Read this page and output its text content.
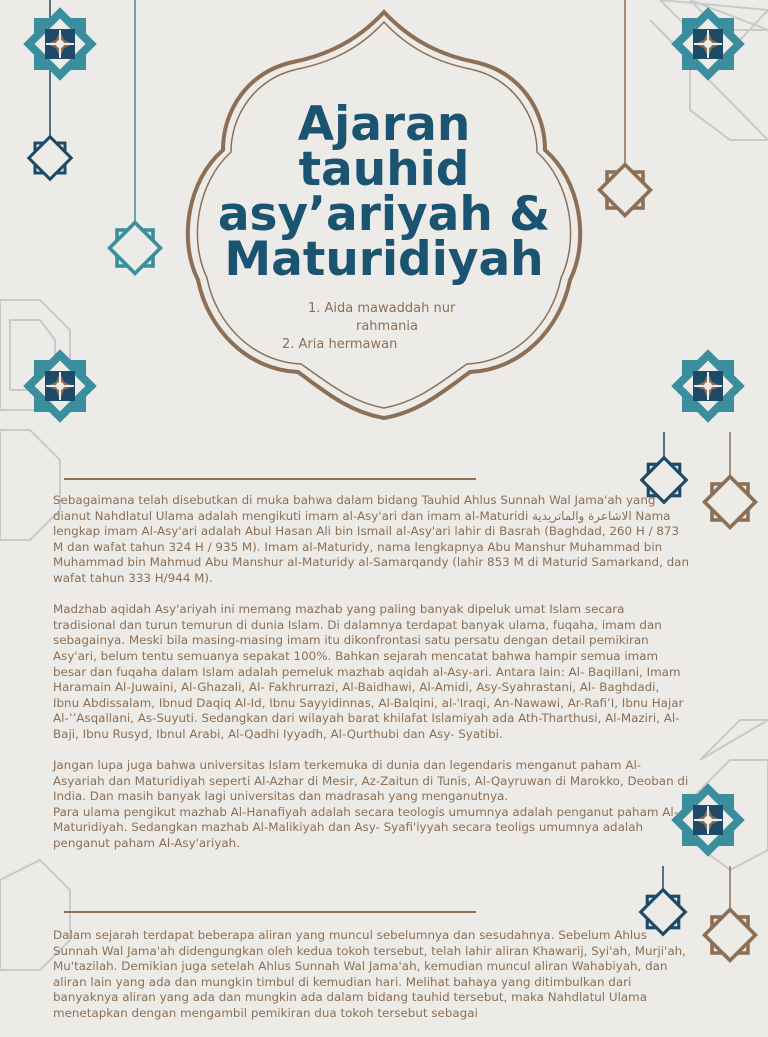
Ajaran
tauhid
asy’ariyah &
Maturidiyah
1. Aida mawaddah nur
rahmania
2. Aria hermawan

Sebagaimana telah disebutkan di muka bahwa dalam bidang Tauhid Ahlus Sunnah Wal Jama'ah yang dianut Nahdlatul Ulama adalah mengikuti imam al-Asy'ari dan imam al-Maturidi الاشاعرة والماتريدية Nama lengkap imam Al-Asy'ari adalah Abul Hasan Ali bin Ismail al-Asy'ari lahir di Basrah (Baghdad, 260 H / 873 M dan wafat tahun 324 H / 935 M). Imam al-Maturidy, nama lengkapnya Abu Manshur Muhammad bin Muhammad bin Mahmud Abu Manshur al-Maturidy al-Samarqandy (lahir 853 M di Maturid Samarkand, dan wafat tahun 333 H/944 M).

Madzhab aqidah Asy'ariyah ini memang mazhab yang paling banyak dipeluk umat Islam secara tradisional dan turun temurun di dunia Islam. Di dalamnya terdapat banyak ulama, fuqaha, imam dan sebagainya. Meski bila masing-masing imam itu dikonfrontasi satu persatu dengan detail pemikiran Asy'ari, belum tentu semuanya sepakat 100%. Bahkan sejarah mencatat bahwa hampir semua imam besar dan fuqaha dalam Islam adalah pemeluk mazhab aqidah al-Asy-ari. Antara lain: Al- Baqillani, Imam Haramain Al-Juwaini, Al-Ghazali, Al- Fakhrurrazi, Al-Baidhawi, Al-Amidi, Asy-Syahrastani, Al- Baghdadi, Ibnu Abdissalam, Ibnud Daqiq Al-Id, Ibnu Sayyidinnas, Al-Balqini, al-'Iraqi, An-Nawawi, Ar-Rafi’I, Ibnu Hajar Al-’’Asqallani, As-Suyuti. Sedangkan dari wilayah barat khilafat Islamiyah ada Ath-Tharthusi, Al-Maziri, Al-Baji, Ibnu Rusyd, Ibnul Arabi, Al-Qadhi Iyyadh, Al-Qurthubi dan Asy- Syatibi.

Jangan lupa juga bahwa universitas Islam terkemuka di dunia dan legendaris menganut paham Al-Asyariah dan Maturidiyah seperti Al-Azhar di Mesir, Az-Zaitun di Tunis, Al-Qayruwan di Marokko, Deoban di India. Dan masih banyak lagi universitas dan madrasah yang menganutnya.

Para ulama pengikut mazhab Al-Hanafiyah adalah secara teologis umumnya adalah penganut paham Al- Maturidiyah. Sedangkan mazhab Al-Malikiyah dan Asy- Syafi'iyyah secara teoligs umumnya adalah penganut paham Al-Asy'ariyah.

Dalam sejarah terdapat beberapa aliran yang muncul sebelumnya dan sesudahnya. Sebelum Ahlus Sunnah Wal Jama'ah didengungkan oleh kedua tokoh tersebut, telah lahir aliran Khawarij, Syi'ah, Murji'ah, Mu'tazilah. Demikian juga setelah Ahlus Sunnah Wal Jama'ah, kemudian muncul aliran Wahabiyah, dan aliran lain yang ada dan mungkin timbul di kemudian hari. Melihat bahaya yang ditimbulkan dari banyaknya aliran yang ada dan mungkin ada dalam bidang tauhid tersebut, maka Nahdlatul Ulama menetapkan dengan mengambil pemikiran dua tokoh tersebut sebagai
